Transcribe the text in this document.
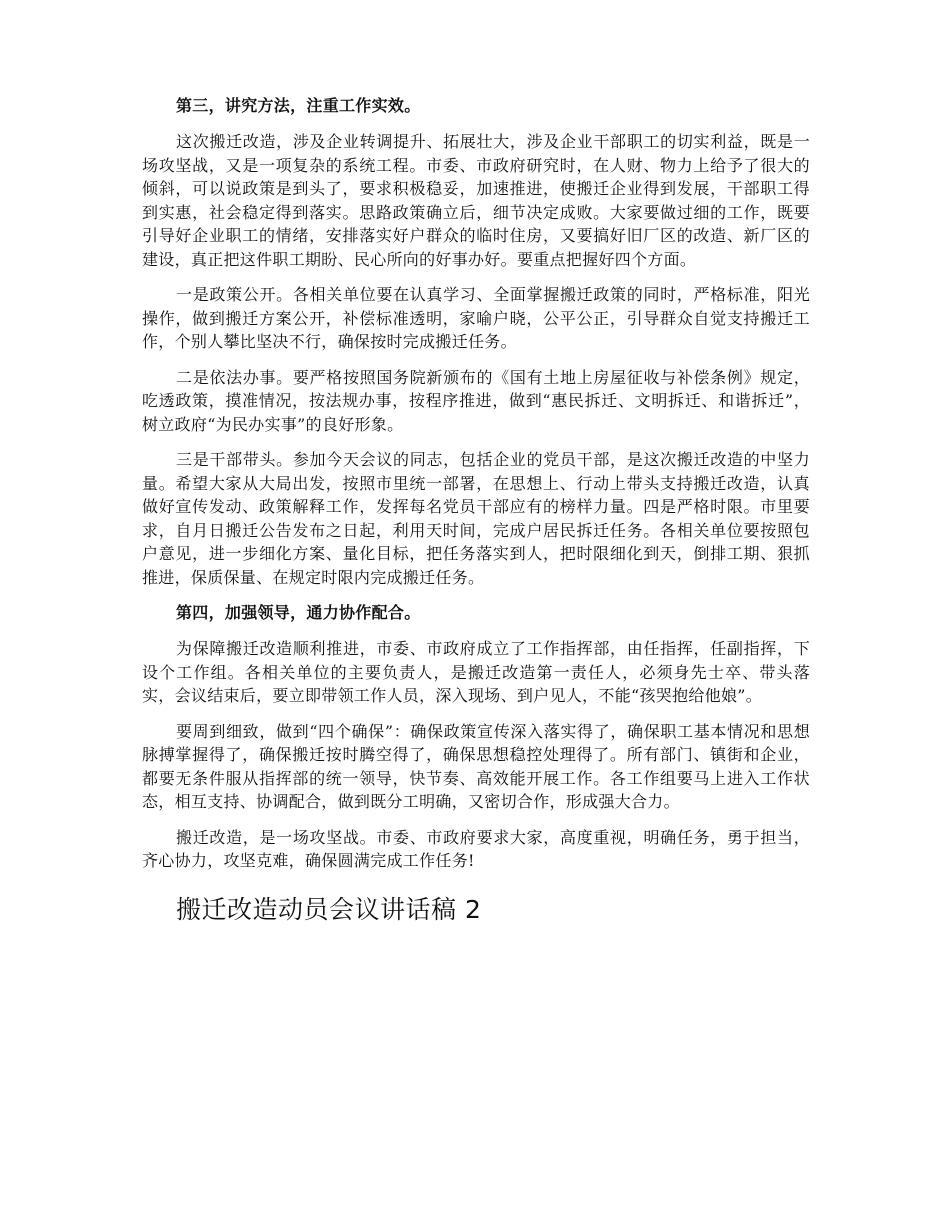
第三，讲究方法，注重工作实效。

这次搬迁改造，涉及企业转调提升、拓展壮大，涉及企业干部职工的切实利益，既是一场攻坚战，又是一项复杂的系统工程。市委、市政府研究时，在人财、物力上给予了很大的倾斜，可以说政策是到头了，要求积极稳妥，加速推进，使搬迁企业得到发展，干部职工得到实惠，社会稳定得到落实。思路政策确立后，细节决定成败。大家要做过细的工作，既要引导好企业职工的情绪，安排落实好户群众的临时住房，又要搞好旧厂区的改造、新厂区的建设，真正把这件职工期盼、民心所向的好事办好。要重点把握好四个方面。

一是政策公开。各相关单位要在认真学习、全面掌握搬迁政策的同时，严格标准，阳光操作，做到搬迁方案公开，补偿标准透明，家喻户晓，公平公正，引导群众自觉支持搬迁工作，个别人攀比坚决不行，确保按时完成搬迁任务。

二是依法办事。要严格按照国务院新颁布的《国有土地上房屋征收与补偿条例》规定，吃透政策，摸准情况，按法规办事，按程序推进，做到“惠民拆迁、文明拆迁、和谐拆迁”，树立政府“为民办实事”的良好形象。

三是干部带头。参加今天会议的同志，包括企业的党员干部，是这次搬迁改造的中坚力量。希望大家从大局出发，按照市里统一部署，在思想上、行动上带头支持搬迁改造，认真做好宣传发动、政策解释工作，发挥每名党员干部应有的榜样力量。四是严格时限。市里要求，自月日搬迁公告发布之日起，利用天时间，完成户居民拆迁任务。各相关单位要按照包户意见，进一步细化方案、量化目标，把任务落实到人，把时限细化到天，倒排工期、狠抓推进，保质保量、在规定时限内完成搬迁任务。

第四，加强领导，通力协作配合。

为保障搬迁改造顺利推进，市委、市政府成立了工作指挥部，由任指挥，任副指挥，下设个工作组。各相关单位的主要负责人，是搬迁改造第一责任人，必须身先士卒、带头落实，会议结束后，要立即带领工作人员，深入现场、到户见人，不能“孩哭抱给他娘”。

要周到细致，做到“四个确保”：确保政策宣传深入落实得了，确保职工基本情况和思想脉搏掌握得了，确保搬迁按时腾空得了，确保思想稳控处理得了。所有部门、镇街和企业，都要无条件服从指挥部的统一领导，快节奏、高效能开展工作。各工作组要马上进入工作状态，相互支持、协调配合，做到既分工明确，又密切合作，形成强大合力。

搬迁改造，是一场攻坚战。市委、市政府要求大家，高度重视，明确任务，勇于担当，齐心协力，攻坚克难，确保圆满完成工作任务!

搬迁改造动员会议讲话稿 2
